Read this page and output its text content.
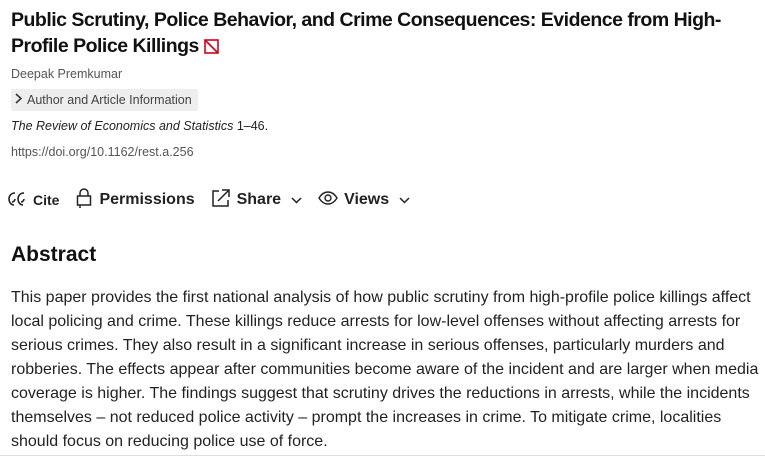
Public Scrutiny, Police Behavior, and Crime Consequences: Evidence from High-Profile Police Killings
Deepak Premkumar
Author and Article Information
The Review of Economics and Statistics 1–46.
https://doi.org/10.1162/rest.a.256
Cite	Permissions	Share	Views
Abstract

This paper provides the first national analysis of how public scrutiny from high-profile police killings affect local policing and crime. These killings reduce arrests for low-level offenses without affecting arrests for serious crimes. They also result in a significant increase in serious offenses, particularly murders and robberies. The effects appear after communities become aware of the incident and are larger when media coverage is higher. The findings suggest that scrutiny drives the reductions in arrests, while the incidents themselves – not reduced police activity – prompt the increases in crime. To mitigate crime, localities should focus on reducing police use of force.
